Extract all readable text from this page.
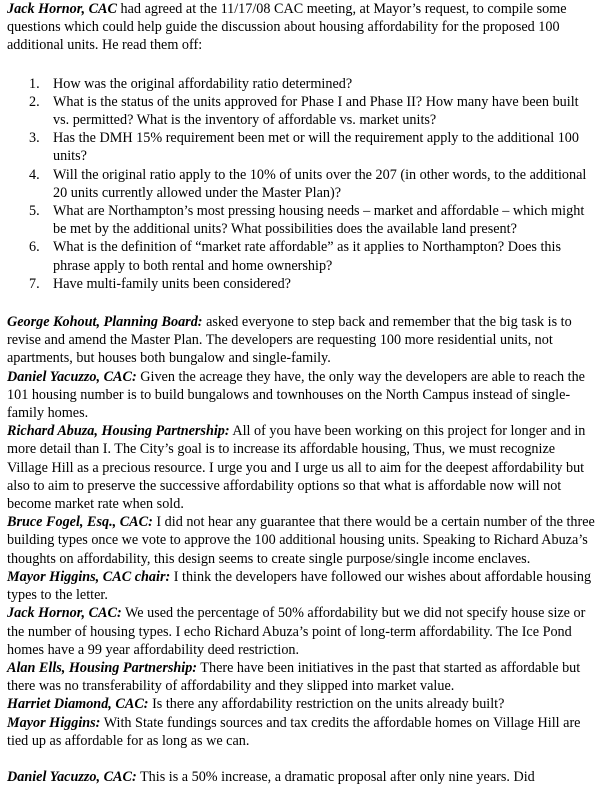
Jack Hornor, CAC had agreed at the 11/17/08 CAC meeting, at Mayor’s request, to compile some questions which could help guide the discussion about housing affordability for the proposed 100 additional units. He read them off:

1. How was the original affordability ratio determined?
2. What is the status of the units approved for Phase I and Phase II? How many have been built vs. permitted? What is the inventory of affordable vs. market units?
3. Has the DMH 15% requirement been met or will the requirement apply to the additional 100 units?
4. Will the original ratio apply to the 10% of units over the 207 (in other words, to the additional 20 units currently allowed under the Master Plan)?
5. What are Northampton’s most pressing housing needs – market and affordable – which might be met by the additional units? What possibilities does the available land present?
6. What is the definition of “market rate affordable” as it applies to Northampton? Does this phrase apply to both rental and home ownership?
7. Have multi-family units been considered?

George Kohout, Planning Board: asked everyone to step back and remember that the big task is to revise and amend the Master Plan. The developers are requesting 100 more residential units, not apartments, but houses both bungalow and single-family.

Daniel Yacuzzo, CAC: Given the acreage they have, the only way the developers are able to reach the 101 housing number is to build bungalows and townhouses on the North Campus instead of single-family homes.

Richard Abuza, Housing Partnership: All of you have been working on this project for longer and in more detail than I. The City’s goal is to increase its affordable housing, Thus, we must recognize Village Hill as a precious resource. I urge you and I urge us all to aim for the deepest affordability but also to aim to preserve the successive affordability options so that what is affordable now will not become market rate when sold.

Bruce Fogel, Esq., CAC: I did not hear any guarantee that there would be a certain number of the three building types once we vote to approve the 100 additional housing units. Speaking to Richard Abuza’s thoughts on affordability, this design seems to create single purpose/single income enclaves.

Mayor Higgins, CAC chair: I think the developers have followed our wishes about affordable housing types to the letter.

Jack Hornor, CAC: We used the percentage of 50% affordability but we did not specify house size or the number of housing types. I echo Richard Abuza’s point of long-term affordability. The Ice Pond homes have a 99 year affordability deed restriction.

Alan Ells, Housing Partnership: There have been initiatives in the past that started as affordable but there was no transferability of affordability and they slipped into market value.

Harriet Diamond, CAC: Is there any affordability restriction on the units already built?

Mayor Higgins: With State fundings sources and tax credits the affordable homes on Village Hill are tied up as affordable for as long as we can.

Daniel Yacuzzo, CAC: This is a 50% increase, a dramatic proposal after only nine years. Did
